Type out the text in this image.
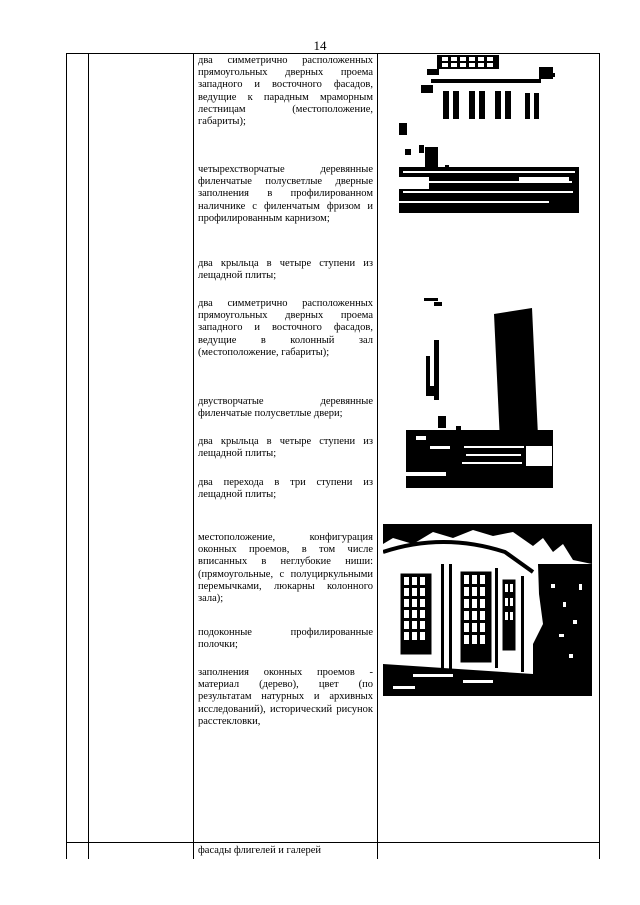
14

два симметрично расположенных прямоугольных дверных проема западного и восточного фасадов, ведущие к парадным мраморным лестницам (местоположение, габариты);

четырехстворчатые деревянные филенчатые полусветлые дверные заполнения в профилированном наличнике с филенчатым фризом и профилированным карнизом;

два крыльца в четыре ступени из лещадной плиты;

два симметрично расположенных прямоугольных дверных проема западного и восточного фасадов, ведущие в колонный зал (местоположение, габариты);

двустворчатые деревянные филенчатые полусветлые двери;

два крыльца в четыре ступени из лещадной плиты;

два перехода в три ступени из лещадной плиты;

местоположение, конфигурация оконных проемов, в том числе вписанных в неглубокие ниши: (прямоугольные, с полуциркульными перемычками, люкарны колонного зала);

подоконные профилированные полочки;

заполнения оконных проемов - материал (дерево), цвет (по результатам натурных и архивных исследований), исторический рисунок расстекловки,

фасады флигелей и галерей
